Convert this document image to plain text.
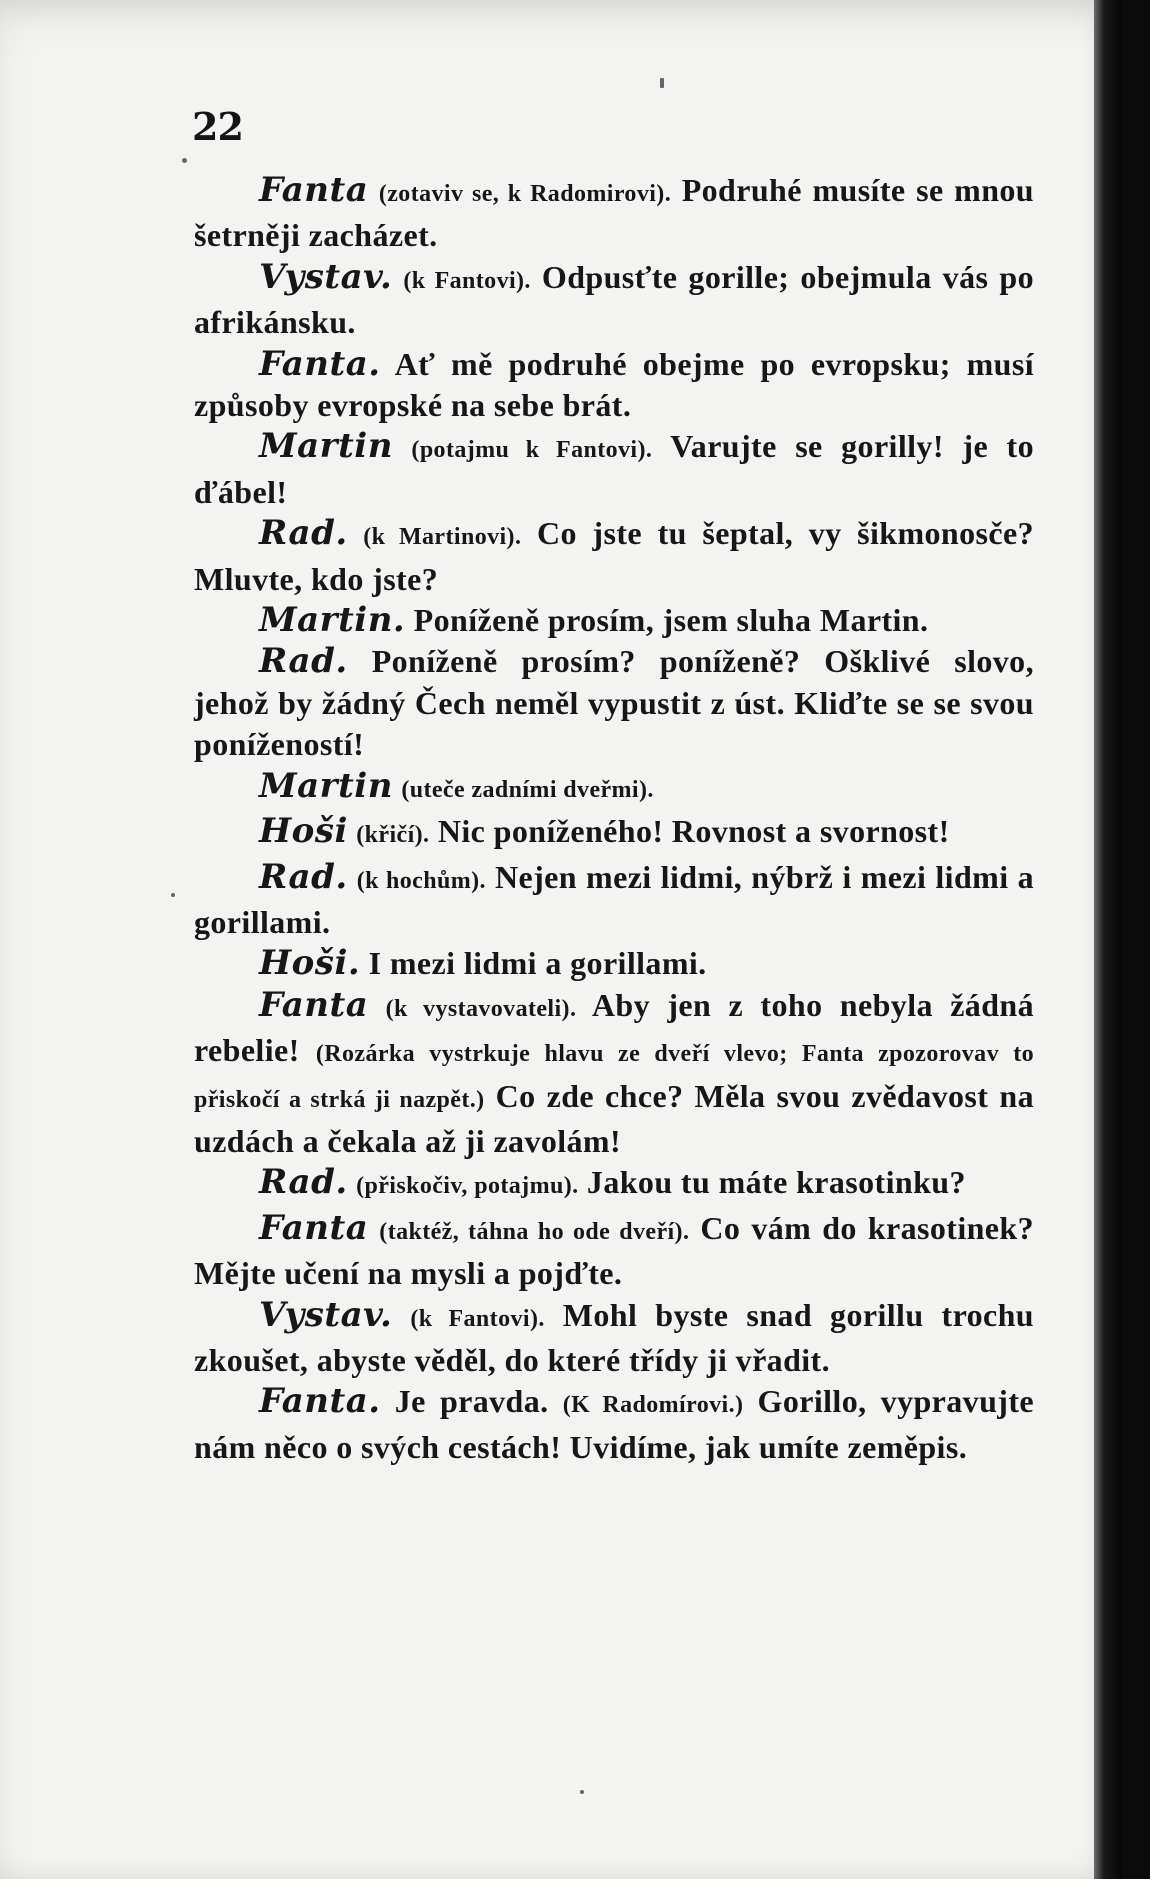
22

Fanta (zotaviv se, k Radomirovi). Podruhé musíte se mnou šetrněji zacházet.

Vystav. (k Fantovi). Odpusťte gorille; obejmula vás po afrikánsku.

Fanta. Ať mě podruhé obejme po evropsku; musí způsoby evropské na sebe brát.

Martin (potajmu k Fantovi). Varujte se gorilly! je to ďábel!

Rad. (k Martinovi). Co jste tu šeptal, vy šikmonosče? Mluvte, kdo jste?

Martin. Poníženě prosím, jsem sluha Martin.

Rad. Poníženě prosím? poníženě? Ošklivé slovo, jehož by žádný Čech neměl vypustit z úst. Kliďte se se svou ponížeností!

Martin (uteče zadními dveřmi).

Hoši (křičí). Nic poníženého! Rovnost a svornost!

Rad. (k hochům). Nejen mezi lidmi, nýbrž i mezi lidmi a gorillami.

Hoši. I mezi lidmi a gorillami.

Fanta (k vystavovateli). Aby jen z toho nebyla žádná rebelie! (Rozárka vystrkuje hlavu ze dveří vlevo; Fanta zpozorovav to přiskočí a strká ji nazpět.) Co zde chce? Měla svou zvědavost na uzdách a čekala až ji zavolám!

Rad. (přiskočiv, potajmu). Jakou tu máte krasotinku?

Fanta (taktéž, táhna ho ode dveří). Co vám do krasotinek? Mějte učení na mysli a pojďte.

Vystav. (k Fantovi). Mohl byste snad gorillu trochu zkoušet, abyste věděl, do které třídy ji vřadit.

Fanta. Je pravda. (K Radomírovi.) Gorillo, vypravujte nám něco o svých cestách! Uvidíme, jak umíte zeměpis.
